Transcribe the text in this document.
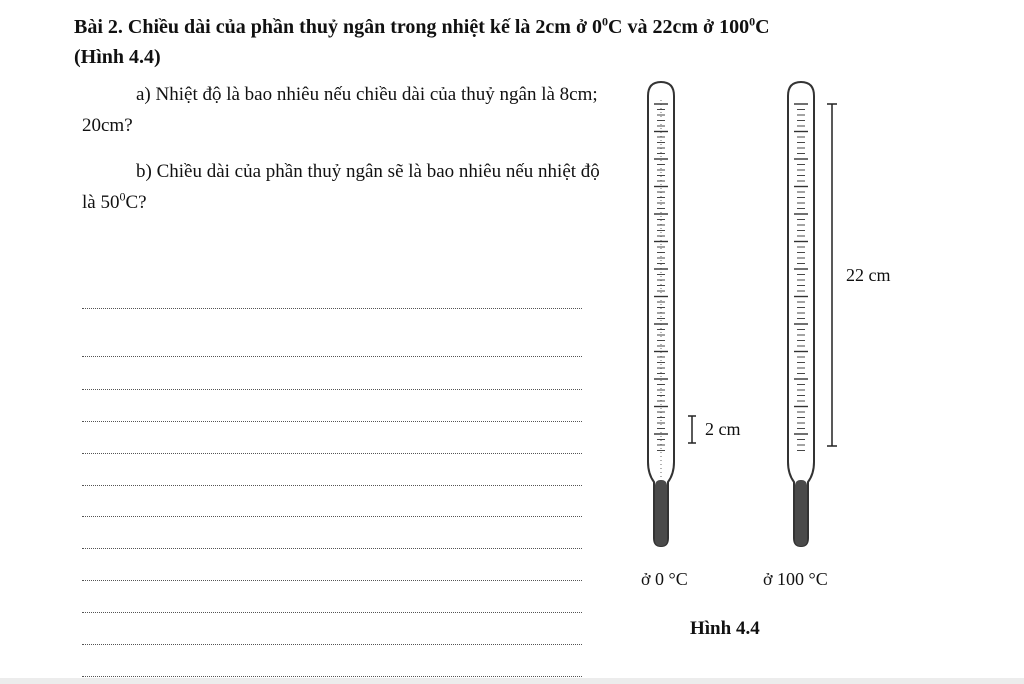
Bài 2. Chiều dài của phần thuỷ ngân trong nhiệt kế là 2cm ở $0^0C$ và 22cm ở $100^0C$
(Hình 4.4)
a) Nhiệt độ là bao nhiêu nếu chiều dài của thuỷ ngân là 8cm; 20cm?
b) Chiều dài của phần thuỷ ngân sẽ là bao nhiêu nếu nhiệt độ là $50^0C$?
2 cm
22 cm
ở 0 °C	ở 100 °C
Hình 4.4
